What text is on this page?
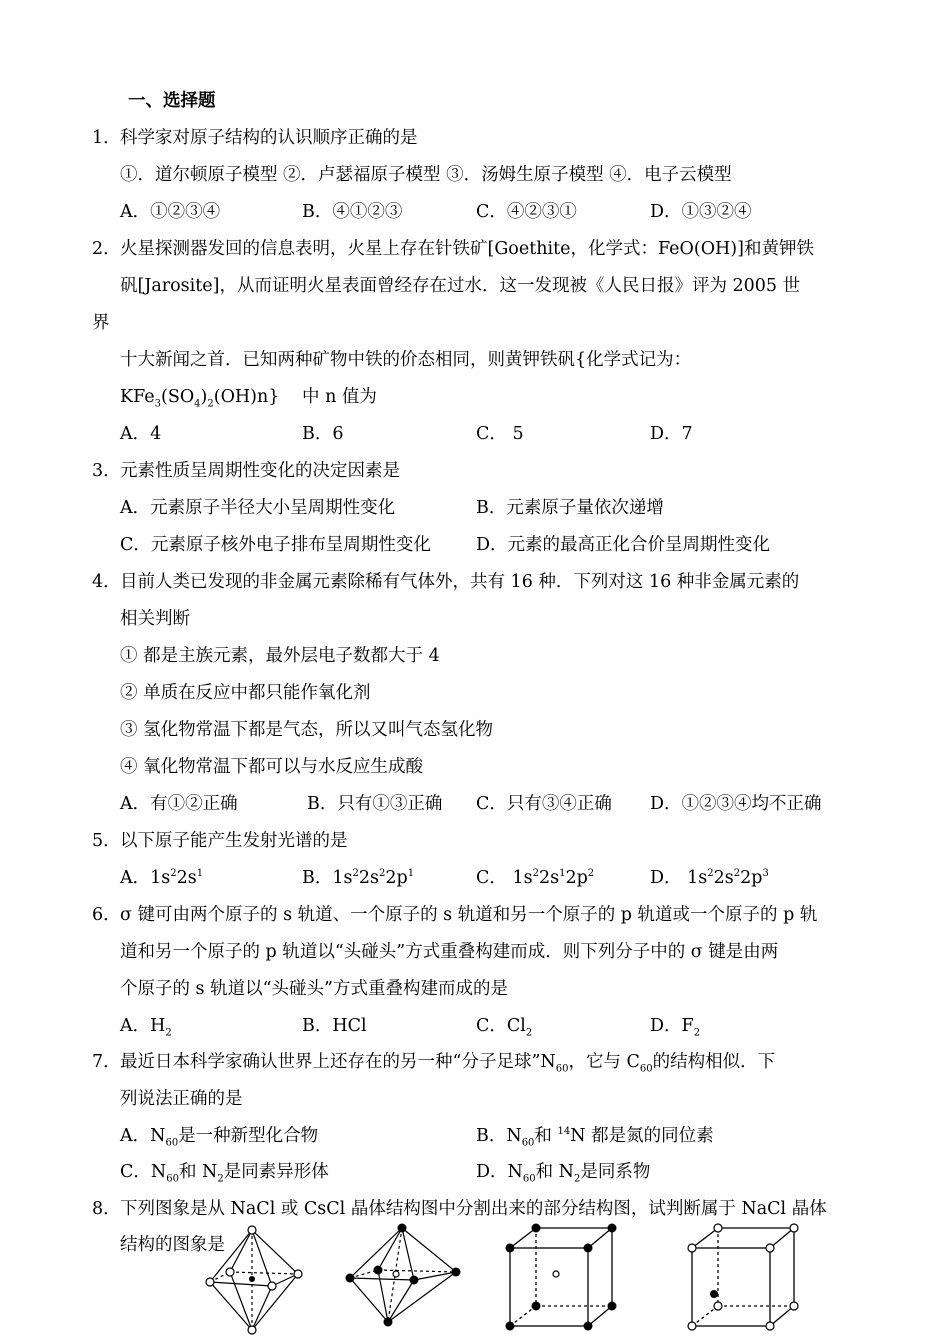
一、选择题
1． 科学家对原子结构的认识顺序正确的是
①．道尔顿原子模型 ②．卢瑟福原子模型 ③．汤姆生原子模型 ④．电子云模型
A．①②③④	B．④①②③	C．④②③①	D．①③②④
2． 火星探测器发回的信息表明，火星上存在针铁矿[Goethite，化学式：FeO(OH)]和黄钾铁
矾[Jarosite]，从而证明火星表面曾经存在过水．这一发现被《人民日报》评为 2005 世
界
十大新闻之首．已知两种矿物中铁的价态相同，则黄钾铁矾{化学式记为：
$KFe_3(SO_4)_2(OH)n$} 中 n 值为
A．4	B．6	C． 5	D．7
3． 元素性质呈周期性变化的决定因素是
A．元素原子半径大小呈周期性变化	B．元素原子量依次递增
C．元素原子核外电子排布呈周期性变化	D．元素的最高正化合价呈周期性变化
4． 目前人类已发现的非金属元素除稀有气体外，共有 16 种．下列对这 16 种非金属元素的
相关判断
① 都是主族元素，最外层电子数都大于 4
② 单质在反应中都只能作氧化剂
③ 氢化物常温下都是气态，所以又叫气态氢化物
④ 氧化物常温下都可以与水反应生成酸
A．有①②正确	B．只有①③正确 C．只有③④正确 D．①②③④均不正确
5． 以下原子能产生发射光谱的是
A．$1s^22s^1$	B．$1s^22s^22p^1$	C． $1s^22s^12p^2$	D． $1s^22s^22p^3$
6． σ 键可由两个原子的 s 轨道、一个原子的 s 轨道和另一个原子的 p 轨道或一个原子的 p 轨
道和另一个原子的 p 轨道以“头碰头”方式重叠构建而成．则下列分子中的 σ 键是由两
个原子的 s 轨道以“头碰头”方式重叠构建而成的是
A．$H_2$	B．HCl	C．$Cl_2$	D．$F_2$
7． 最近日本科学家确认世界上还存在的另一种“分子足球$”N_{60}$，它与 $C_{60}$的结构相似．下
列说法正确的是
A．$N_{60}$是一种新型化合物	B．$N_{60}$和 $^{14}$N 都是氮的同位素
C．$N_{60}$和 $N_2$是同素异形体	D．$N_{60}$和 $N_2$是同系物
8． 下列图象是从 NaCl 或 CsCl 晶体结构图中分割出来的部分结构图，试判断属于 NaCl 晶体
结构的图象是
